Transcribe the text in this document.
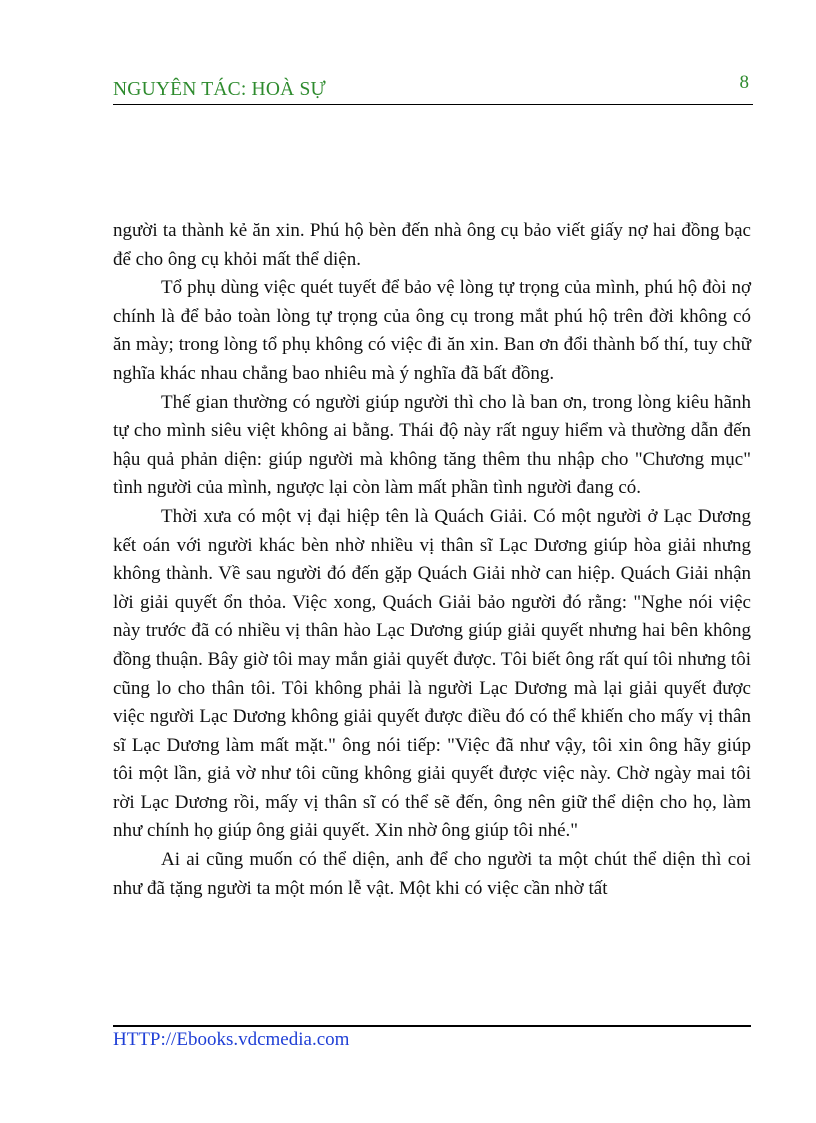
NGUYÊN TÁC: HOÀ SỰ	8

người ta thành kẻ ăn xin. Phú hộ bèn đến nhà ông cụ bảo viết giấy nợ hai đồng bạc để cho ông cụ khỏi mất thể diện.

Tổ phụ dùng việc quét tuyết để bảo vệ lòng tự trọng của mình, phú hộ đòi nợ chính là để bảo toàn lòng tự trọng của ông cụ trong mắt phú hộ trên đời không có ăn mày; trong lòng tổ phụ không có việc đi ăn xin. Ban ơn đổi thành bố thí, tuy chữ nghĩa khác nhau chẳng bao nhiêu mà ý nghĩa đã bất đồng.

Thế gian thường có người giúp người thì cho là ban ơn, trong lòng kiêu hãnh tự cho mình siêu việt không ai bằng. Thái độ này rất nguy hiểm và thường dẫn đến hậu quả phản diện: giúp người mà không tăng thêm thu nhập cho "Chương mục" tình người của mình, ngược lại còn làm mất phần tình người đang có.

Thời xưa có một vị đại hiệp tên là Quách Giải. Có một người ở Lạc Dương kết oán với người khác bèn nhờ nhiều vị thân sĩ Lạc Dương giúp hòa giải nhưng không thành. Về sau người đó đến gặp Quách Giải nhờ can hiệp. Quách Giải nhận lời giải quyết ổn thỏa. Việc xong, Quách Giải bảo người đó rằng: "Nghe nói việc này trước đã có nhiều vị thân hào Lạc Dương giúp giải quyết nhưng hai bên không đồng thuận. Bây giờ tôi may mắn giải quyết được. Tôi biết ông rất quí tôi nhưng tôi cũng lo cho thân tôi. Tôi không phải là người Lạc Dương mà lại giải quyết được việc người Lạc Dương không giải quyết được điều đó có thể khiến cho mấy vị thân sĩ Lạc Dương làm mất mặt." ông nói tiếp: "Việc đã như vậy, tôi xin ông hãy giúp tôi một lần, giả vờ như tôi cũng không giải quyết được việc này. Chờ ngày mai tôi rời Lạc Dương rồi, mấy vị thân sĩ có thể sẽ đến, ông nên giữ thể diện cho họ, làm như chính họ giúp ông giải quyết. Xin nhờ ông giúp tôi nhé."

Ai ai cũng muốn có thể diện, anh để cho người ta một chút thể diện thì coi như đã tặng người ta một món lễ vật. Một khi có việc cần nhờ tất

HTTP://Ebooks.vdcmedia.com
